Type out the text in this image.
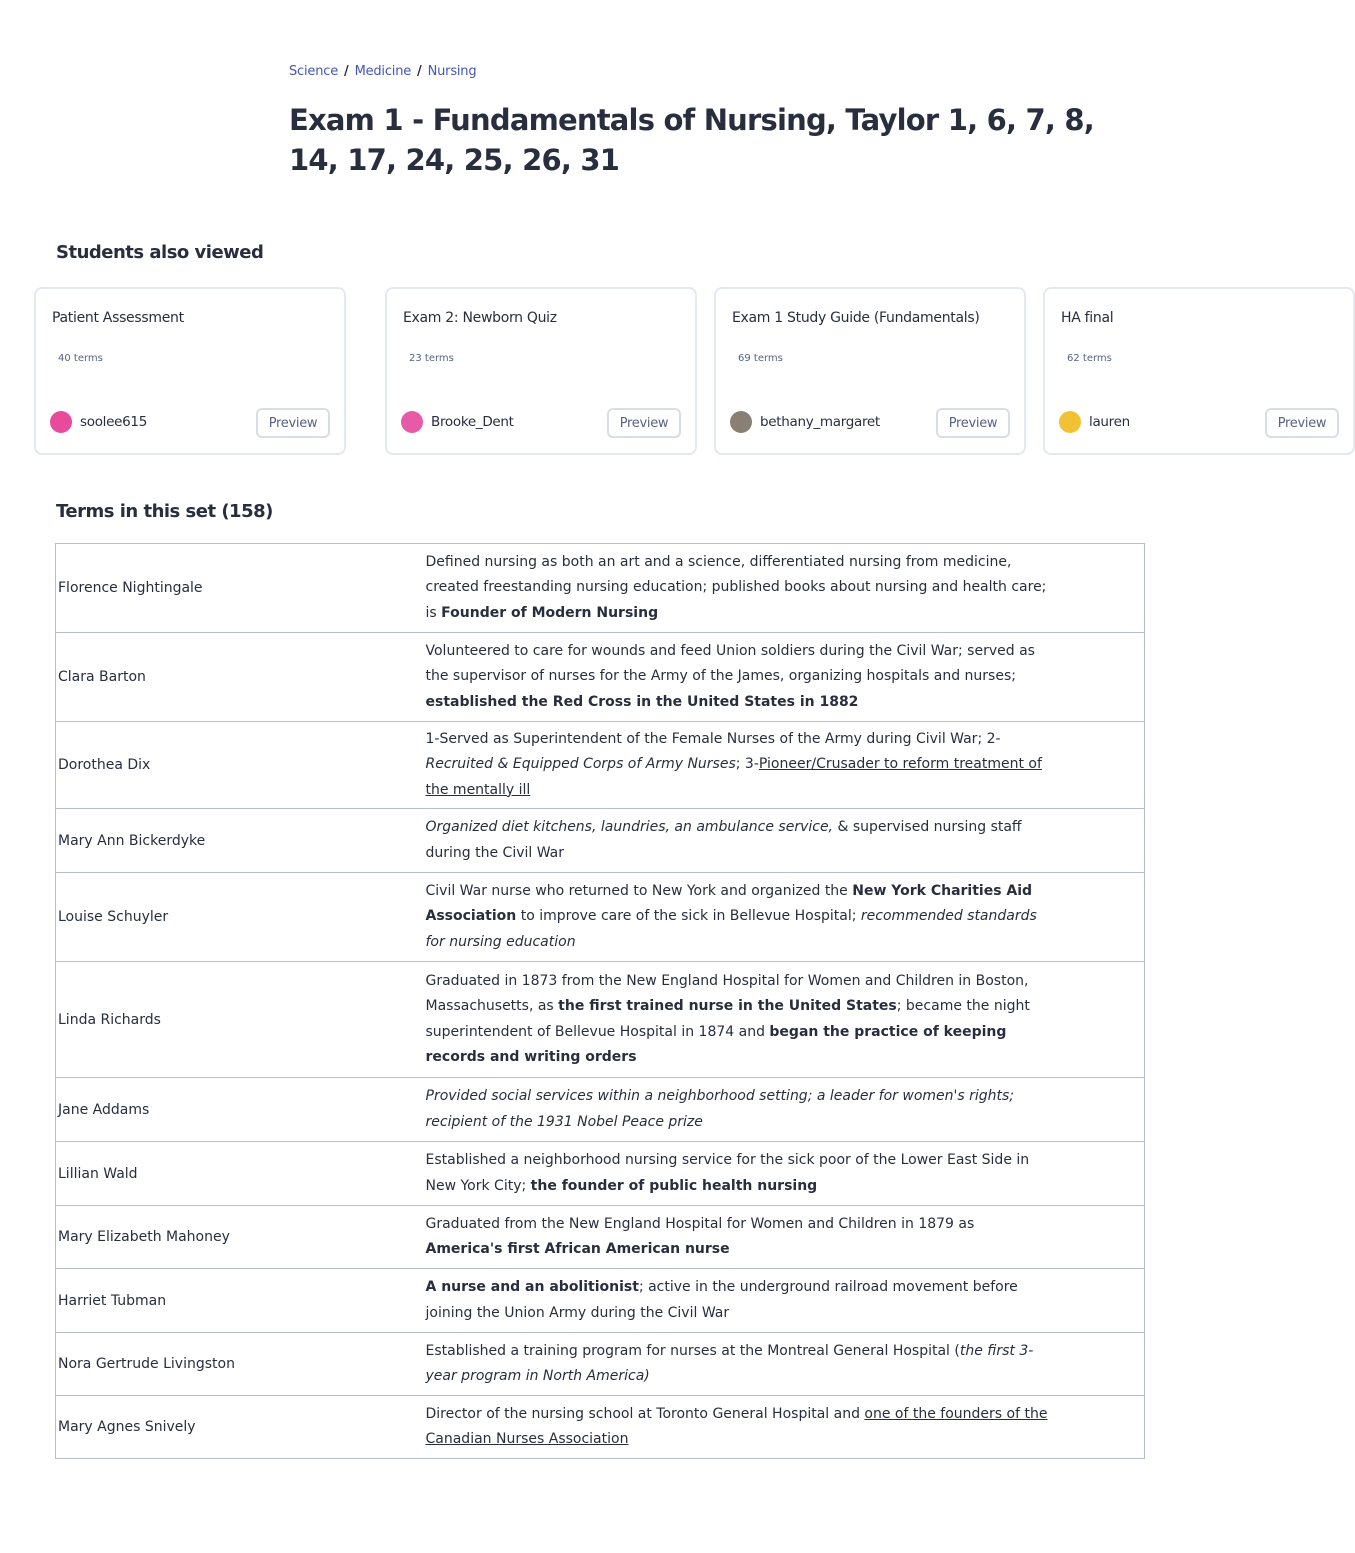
Science / Medicine / Nursing
Exam 1 - Fundamentals of Nursing, Taylor 1, 6, 7, 8, 14, 17, 24, 25, 26, 31
Students also viewed
Patient Assessment
40 terms
soolee615	Preview
Exam 2: Newborn Quiz
23 terms
Brooke_Dent	Preview
Exam 1 Study Guide (Fundamentals)
69 terms
bethany_margaret	Preview
HA final
62 terms
lauren	Preview
Terms in this set (158)
Florence Nightingale		Defined nursing as both an art and a science, differentiated nursing from medicine, created freestanding nursing education; published books about nursing and health care; is Founder of Modern Nursing
Clara Barton		Volunteered to care for wounds and feed Union soldiers during the Civil War; served as the supervisor of nurses for the Army of the James, organizing hospitals and nurses; established the Red Cross in the United States in 1882
Dorothea Dix		1-Served as Superintendent of the Female Nurses of the Army during Civil War; 2-Recruited & Equipped Corps of Army Nurses; 3-Pioneer/Crusader to reform treatment of the mentally ill
Mary Ann Bickerdyke		Organized diet kitchens, laundries, an ambulance service, & supervised nursing staff during the Civil War
Louise Schuyler		Civil War nurse who returned to New York and organized the New York Charities Aid Association to improve care of the sick in Bellevue Hospital; recommended standards for nursing education
Linda Richards		Graduated in 1873 from the New England Hospital for Women and Children in Boston, Massachusetts, as the first trained nurse in the United States; became the night superintendent of Bellevue Hospital in 1874 and began the practice of keeping records and writing orders
Jane Addams		Provided social services within a neighborhood setting; a leader for women's rights; recipient of the 1931 Nobel Peace prize
Lillian Wald		Established a neighborhood nursing service for the sick poor of the Lower East Side in New York City; the founder of public health nursing
Mary Elizabeth Mahoney		Graduated from the New England Hospital for Women and Children in 1879 as America's first African American nurse
Harriet Tubman		A nurse and an abolitionist; active in the underground railroad movement before joining the Union Army during the Civil War
Nora Gertrude Livingston		Established a training program for nurses at the Montreal General Hospital (the first 3-year program in North America)
Mary Agnes Snively		Director of the nursing school at Toronto General Hospital and one of the founders of the Canadian Nurses Association
